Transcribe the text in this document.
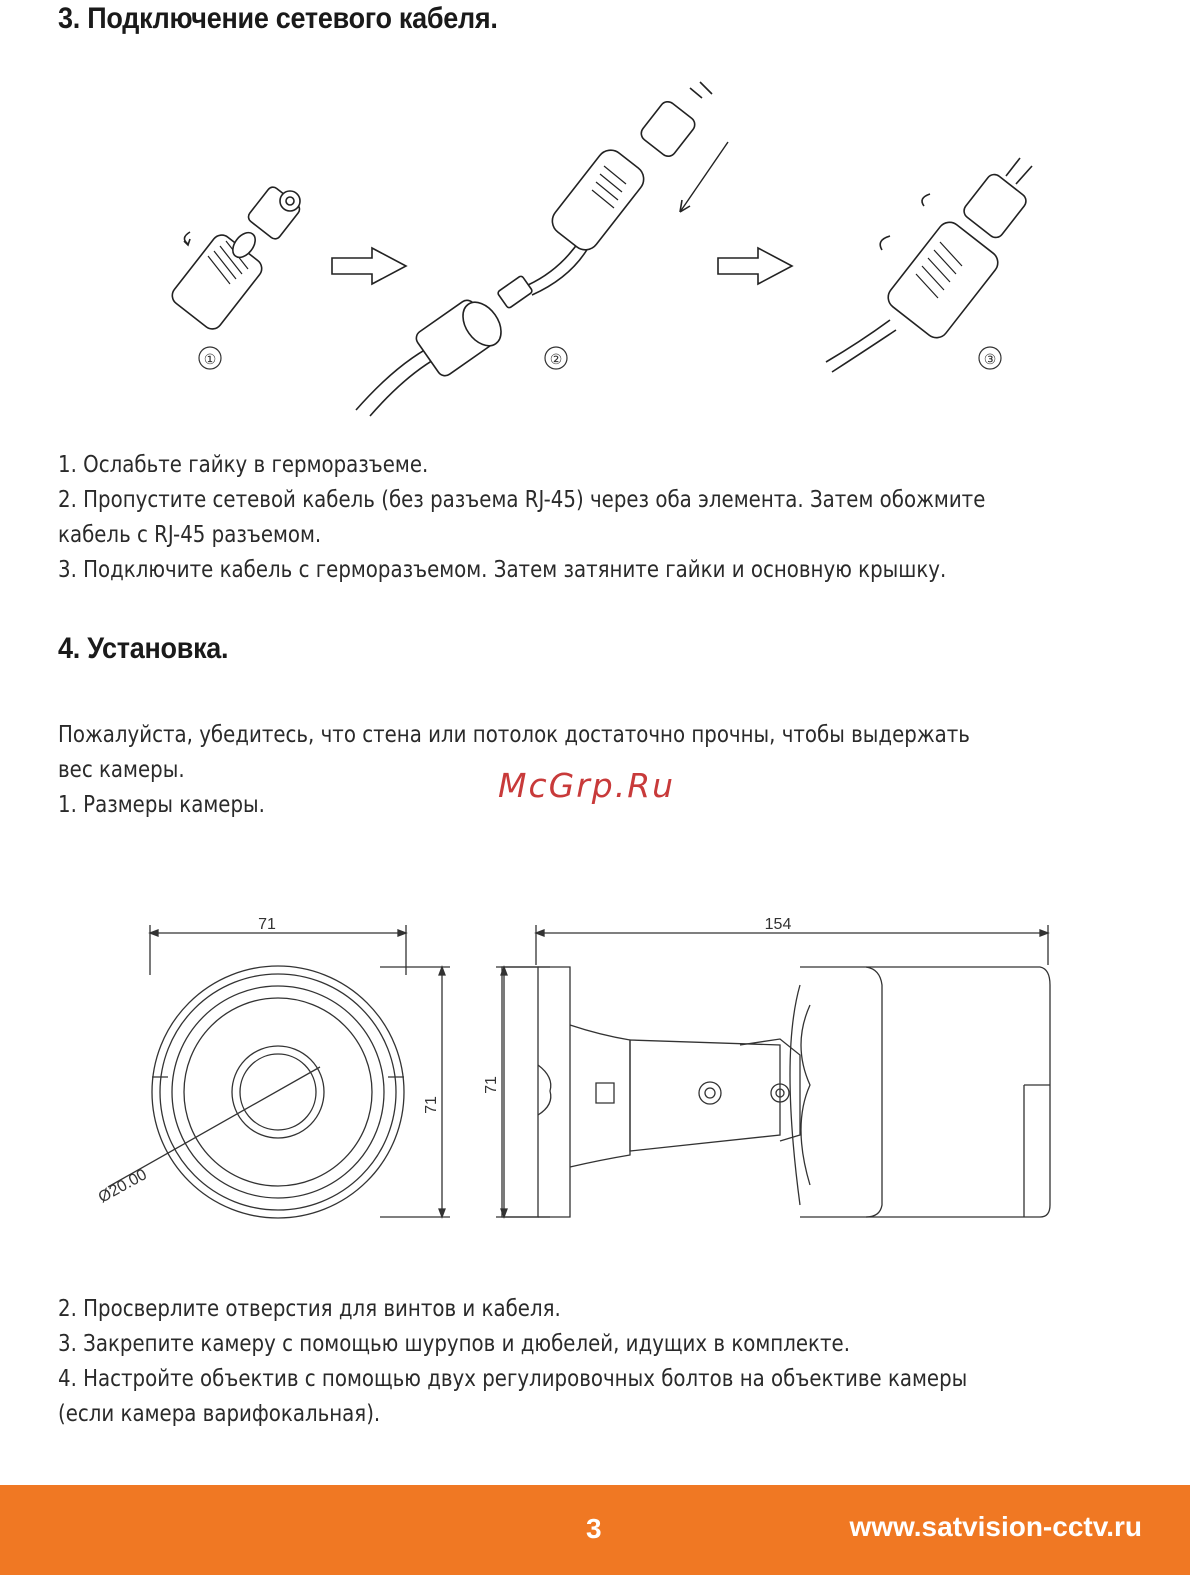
3. Подключение сетевого кабеля.
①	②	③

1. Ослабьте гайку в герморазъеме.

2. Пропустите сетевой кабель (без разъема RJ-45) через оба элемента. Затем обожмите

кабель с RJ-45 разъемом.

3. Подключите кабель с герморазъемом. Затем затяните гайки и основную крышку.

4. Установка.

Пожалуйста, убедитесь, что стена или потолок достаточно прочны, чтобы выдержать

вес камеры.

1. Размеры камеры.	McGrp.Ru
71
71
Ø20.00
154
71

2. Просверлите отверстия для винтов и кабеля.

3. Закрепите камеру с помощью шурупов и дюбелей, идущих в комплекте.

4. Настройте объектив с помощью двух регулировочных болтов на объективе камеры

(если камера варифокальная).

3	www.satvision-cctv.ru
